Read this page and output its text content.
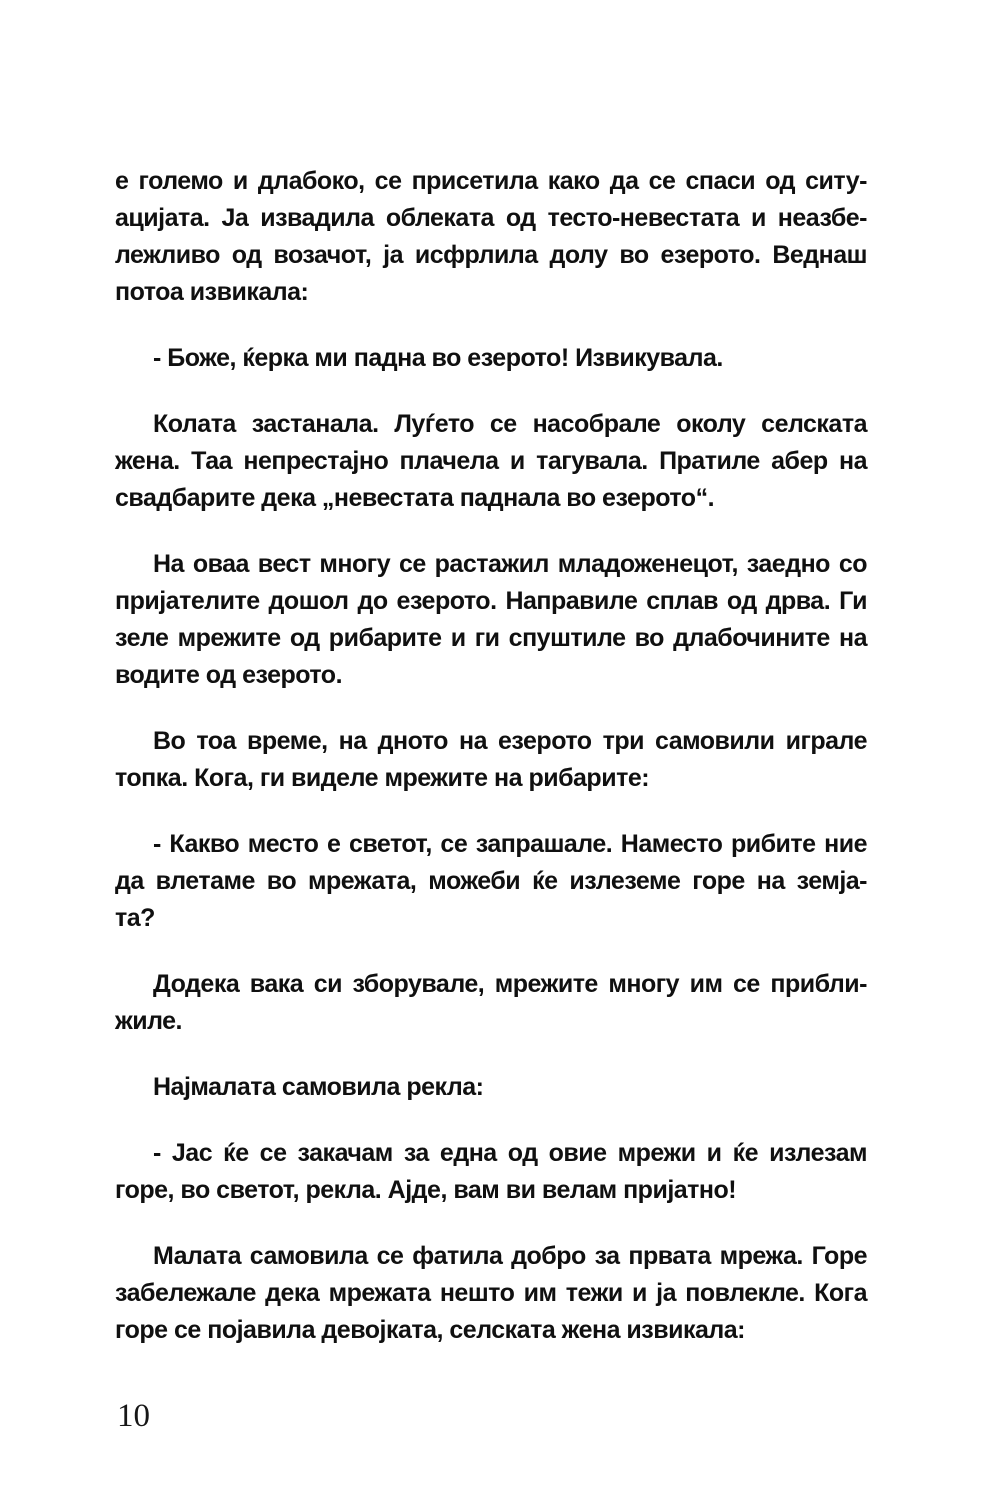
е големо и длабоко, се присетила како да се спаси од ситу-
ацијата. Ја извадила облеката од тесто-невестата и неазбе-
лежливо од возачот, ја исфрлила долу во езерото. Веднаш
потоа извикала:
- Боже, ќерка ми падна во езерото! Извикувала.
Колата застанала. Луѓето се насобрале околу селската
жена. Таа непрестајно плачела и тагувала. Пратиле абер на
свадбарите дека „невестата паднала во езерото“.
На оваа вест многу се растажил младоженецот, заедно со
пријателите дошол до езерото. Направиле сплав од дрва. Ги
зеле мрежите од рибарите и ги спуштиле во длабочините на
водите од езерото.
Во тоа време, на дното на езерото три самовили играле
топка. Кога, ги виделе мрежите на рибарите:
- Какво место е светот, се запрашале. Наместо рибите ние
да влетаме во мрежата, можеби ќе излеземе горе на земја-
та?
Додека вака си зборувале, мрежите многу им се прибли-
жиле.
Најмалата самовила рекла:
- Јас ќе се закачам за една од овие мрежи и ќе излезам
горе, во светот, рекла. Ајде, вам ви велам пријатно!
Малата самовила се фатила добро за првата мрежа. Горе
забележале дека мрежата нешто им тежи и ја повлекле. Кога
горе се појавила девојката, селската жена извикала:
10
